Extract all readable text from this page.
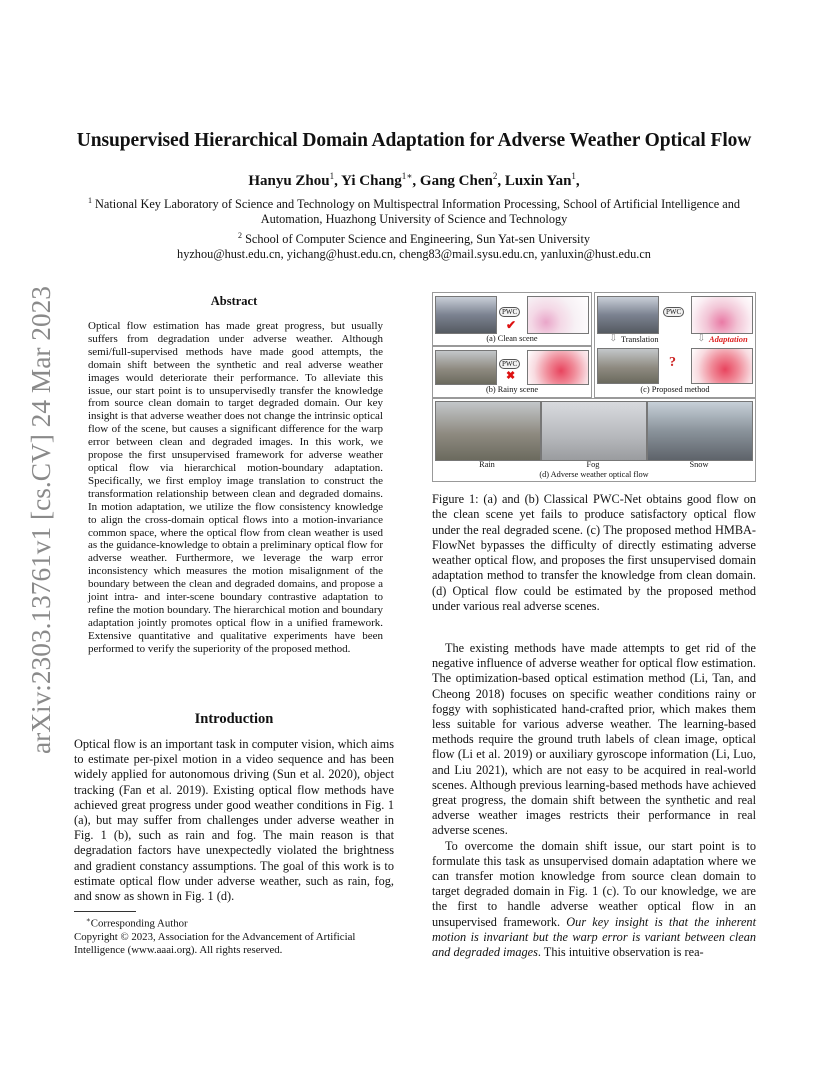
arXiv:2303.13761v1 [cs.CV] 24 Mar 2023
Unsupervised Hierarchical Domain Adaptation for Adverse Weather Optical Flow
Hanyu Zhou$^1$, Yi Chang$^{1∗}$, Gang Chen$^2$, Luxin Yan$^1$,
$^1$ National Key Laboratory of Science and Technology on Multispectral Information Processing, School of Artificial Intelligence and Automation, Huazhong University of Science and Technology
$^2$ School of Computer Science and Engineering, Sun Yat-sen University
hyzhou@hust.edu.cn, yichang@hust.edu.cn, cheng83@mail.sysu.edu.cn, yanluxin@hust.edu.cn
Abstract
Optical flow estimation has made great progress, but usually suffers from degradation under adverse weather. Although semi/full-supervised methods have made good attempts, the domain shift between the synthetic and real adverse weather images would deteriorate their performance. To alleviate this issue, our start point is to unsupervisedly transfer the knowledge from source clean domain to target degraded domain. Our key insight is that adverse weather does not change the intrinsic optical flow of the scene, but causes a significant difference for the warp error between clean and degraded images. In this work, we propose the first unsupervised framework for adverse weather optical flow via hierarchical motion-boundary adaptation. Specifically, we first employ image translation to construct the transformation relationship between clean and degraded domains. In motion adaptation, we utilize the flow consistency knowledge to align the cross-domain optical flows into a motion-invariance common space, where the optical flow from clean weather is used as the guidance-knowledge to obtain a preliminary optical flow for adverse weather. Furthermore, we leverage the warp error inconsistency which measures the motion misalignment of the boundary between the clean and degraded domains, and propose a joint intra- and inter-scene boundary contrastive adaptation to refine the motion boundary. The hierarchical motion and boundary adaptation jointly promotes optical flow in a unified framework. Extensive quantitative and qualitative experiments have been performed to verify the superiority of the proposed method.
Introduction
Optical flow is an important task in computer vision, which aims to estimate per-pixel motion in a video sequence and has been widely applied for autonomous driving (Sun et al. 2020), object tracking (Fan et al. 2019). Existing optical flow methods have achieved great progress under good weather conditions in Fig. 1 (a), but may suffer from challenges under adverse weather in Fig. 1 (b), such as rain and fog. The main reason is that degradation factors have unexpectedly violated the brightness and gradient constancy assumptions. The goal of this work is to estimate optical flow under adverse weather, such as rain, fog, and snow as shown in Fig. 1 (d).
∗Corresponding Author
Copyright © 2023, Association for the Advancement of Artificial Intelligence (www.aaai.org). All rights reserved.
PWC
✔
(a) Clean scene
PWC
✖
(b) Rainy scene
PWC
⇩ Translation	⇩ Adaptation
?
(c) Proposed method
Rain	Fog	Snow
(d) Adverse weather optical flow
Figure 1: (a) and (b) Classical PWC-Net obtains good flow on the clean scene yet fails to produce satisfactory optical flow under the real degraded scene. (c) The proposed method HMBA-FlowNet bypasses the difficulty of directly estimating adverse weather optical flow, and proposes the first unsupervised domain adaptation method to transfer the knowledge from clean domain. (d) Optical flow could be estimated by the proposed method under various real adverse scenes.

The existing methods have made attempts to get rid of the negative influence of adverse weather for optical flow estimation. The optimization-based optical estimation method (Li, Tan, and Cheong 2018) focuses on specific weather conditions rainy or foggy with sophisticated hand-crafted prior, which makes them less suitable for various adverse weather. The learning-based methods require the ground truth labels of clean image, optical flow (Li et al. 2019) or auxiliary gyroscope information (Li, Luo, and Liu 2021), which are not easy to be acquired in real-world scenes. Although previous learning-based methods have achieved great progress, the domain shift between the synthetic and real adverse weather images restricts their performance in real adverse scenes.

To overcome the domain shift issue, our start point is to formulate this task as unsupervised domain adaptation where we can transfer motion knowledge from source clean domain to target degraded domain in Fig. 1 (c). To our knowledge, we are the first to handle adverse weather optical flow in an unsupervised framework. Our key insight is that the inherent motion is invariant but the warp error is variant between clean and degraded images. This intuitive observation is rea-
